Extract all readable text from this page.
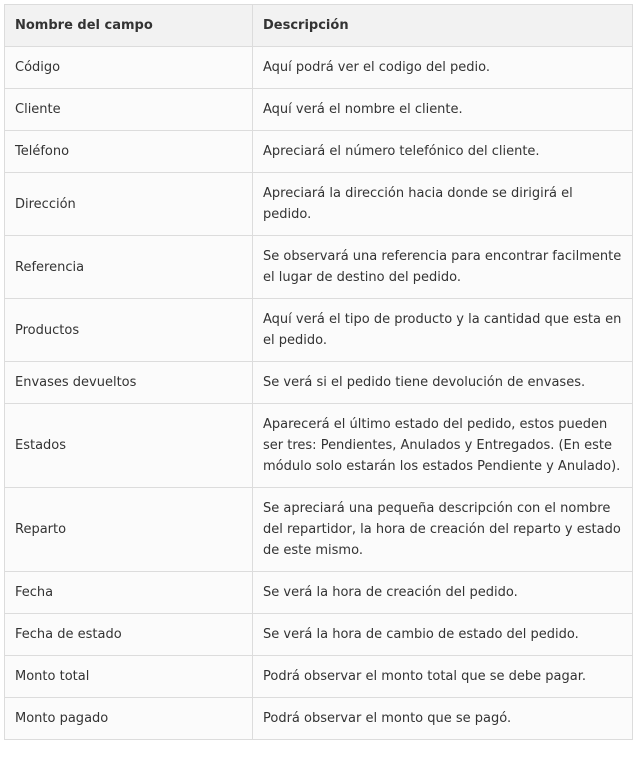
Nombre del campo	Descripción
Código	Aquí podrá ver el codigo del pedio.
Cliente	Aquí verá el nombre el cliente.
Teléfono	Apreciará el número telefónico del cliente.
Dirección	Apreciará la dirección hacia donde se dirigirá el pedido.
Referencia	Se observará una referencia para encontrar facilmente el lugar de destino del pedido.
Productos	Aquí verá el tipo de producto y la cantidad que esta en el pedido.
Envases devueltos	Se verá si el pedido tiene devolución de envases.
Estados	Aparecerá el último estado del pedido, estos pueden ser tres: Pendientes, Anulados y Entregados. (En este módulo solo estarán los estados Pendiente y Anulado).
Reparto	Se apreciará una pequeña descripción con el nombre del repartidor, la hora de creación del reparto y estado de este mismo.
Fecha	Se verá la hora de creación del pedido.
Fecha de estado	Se verá la hora de cambio de estado del pedido.
Monto total	Podrá observar el monto total que se debe pagar.
Monto pagado	Podrá observar el monto que se pagó.
